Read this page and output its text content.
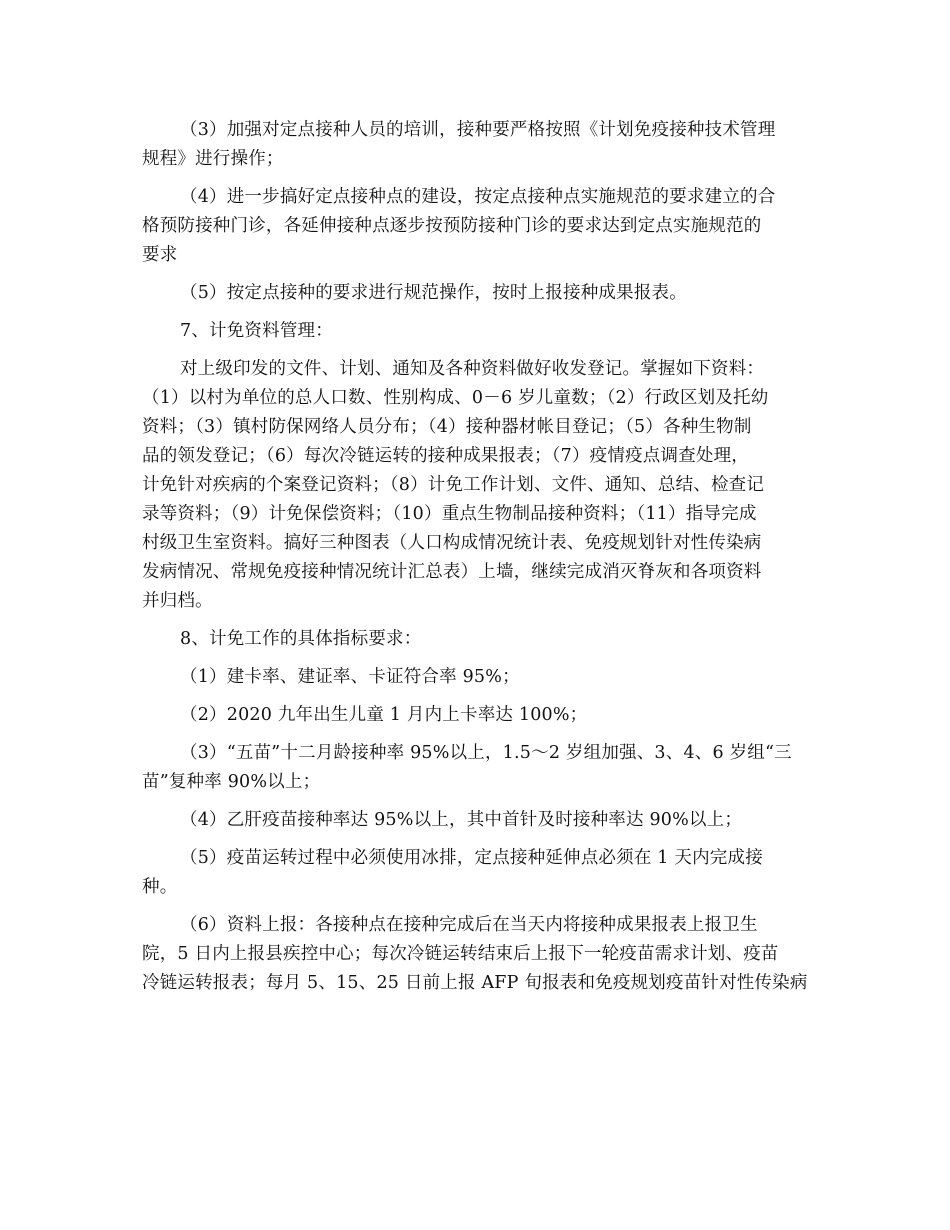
（3）加强对定点接种人员的培训，接种要严格按照《计划免疫接种技术管理
规程》进行操作；

（4）进一步搞好定点接种点的建设，按定点接种点实施规范的要求建立的合
格预防接种门诊，各延伸接种点逐步按预防接种门诊的要求达到定点实施规范的
要求

（5）按定点接种的要求进行规范操作，按时上报接种成果报表。

7、计免资料管理：

对上级印发的文件、计划、通知及各种资料做好收发登记。掌握如下资料：
（1）以村为单位的总人口数、性别构成、0－6 岁儿童数；（2）行政区划及托幼
资料；（3）镇村防保网络人员分布；（4）接种器材帐目登记；（5）各种生物制
品的领发登记；（6）每次冷链运转的接种成果报表；（7）疫情疫点调查处理，
计免针对疾病的个案登记资料；（8）计免工作计划、文件、通知、总结、检查记
录等资料；（9）计免保偿资料；（10）重点生物制品接种资料；（11）指导完成
村级卫生室资料。搞好三种图表（人口构成情况统计表、免疫规划针对性传染病
发病情况、常规免疫接种情况统计汇总表）上墙，继续完成消灭脊灰和各项资料
并归档。

8、计免工作的具体指标要求：

（1）建卡率、建证率、卡证符合率 95%；

（2）2020 九年出生儿童 1 月内上卡率达 100%；

（3）“五苗”十二月龄接种率 95%以上，1.5～2 岁组加强、3、4、6 岁组“三
苗”复种率 90%以上；

（4）乙肝疫苗接种率达 95%以上，其中首针及时接种率达 90%以上；

（5）疫苗运转过程中必须使用冰排，定点接种延伸点必须在 1 天内完成接
种。

（6）资料上报：各接种点在接种完成后在当天内将接种成果报表上报卫生
院，5 日内上报县疾控中心；每次冷链运转结束后上报下一轮疫苗需求计划、疫苗
冷链运转报表；每月 5、15、25 日前上报 AFP 旬报表和免疫规划疫苗针对性传染病
